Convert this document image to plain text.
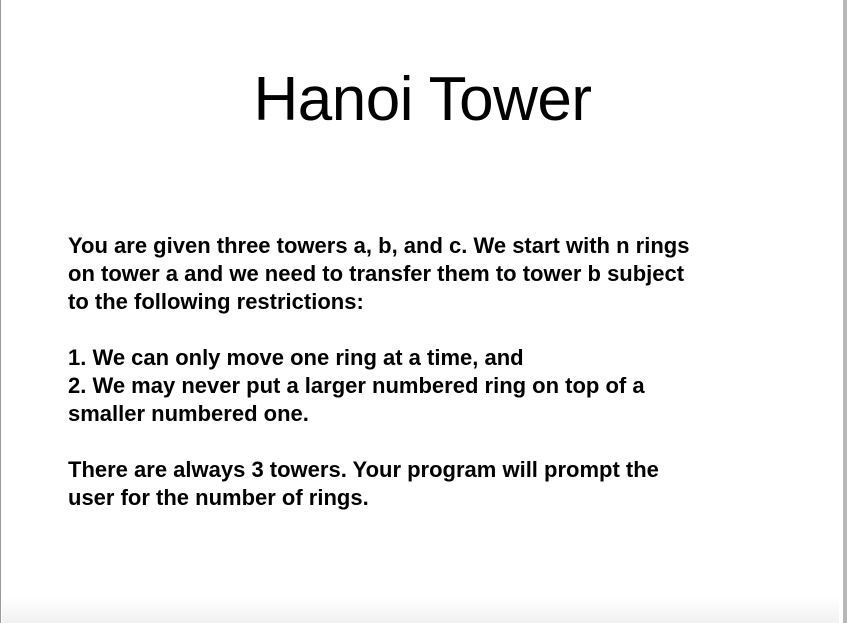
Hanoi Tower

You are given three towers a, b, and c. We start with n rings

on tower a and we need to transfer them to tower b subject

to the following restrictions:

1. We can only move one ring at a time, and

2. We may never put a larger numbered ring on top of a

smaller numbered one.

There are always 3 towers. Your program will prompt the

user for the number of rings.
